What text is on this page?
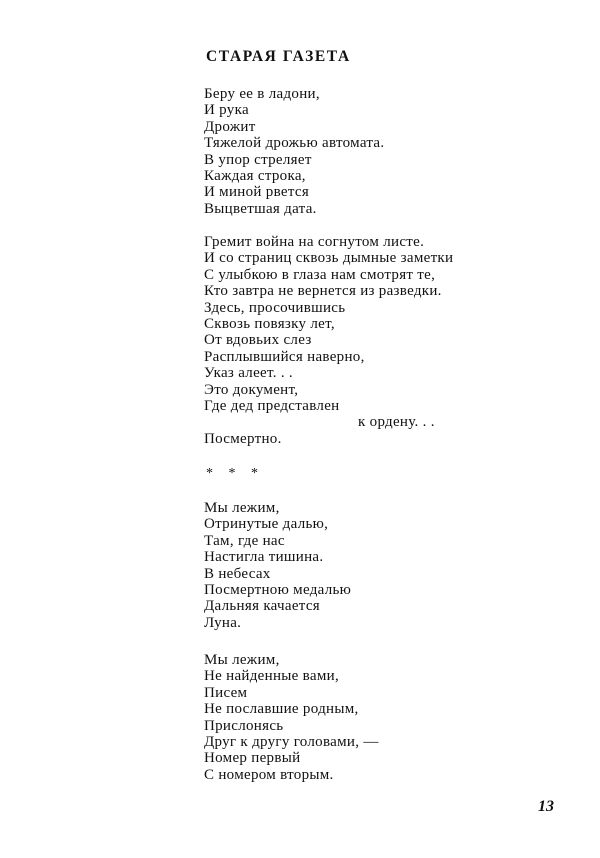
СТАРАЯ ГАЗЕТА
Беру ее в ладони,
И рука
Дрожит
Тяжелой дрожью автомата.
В упор стреляет
Каждая строка,
И миной рвется
Выцветшая дата.
Гремит война на согнутом листе.
И со страниц сквозь дымные заметки
С улыбкою в глаза нам смотрят те,
Кто завтра не вернется из разведки.
Здесь, просочившись
Сквозь повязку лет,
От вдовьих слез
Расплывшийся наверно,
Указ алеет. . .
Это документ,
Где дед представлен
к ордену. . .
Посмертно.

* * *

Мы лежим,
Отринутые далью,
Там, где нас
Настигла тишина.
В небесах
Посмертною медалью
Дальняя качается
Луна.
Мы лежим,
Не найденные вами,
Писем
Не пославшие родным,
Прислонясь
Друг к другу головами, —
Номер первый
С номером вторым.

13
